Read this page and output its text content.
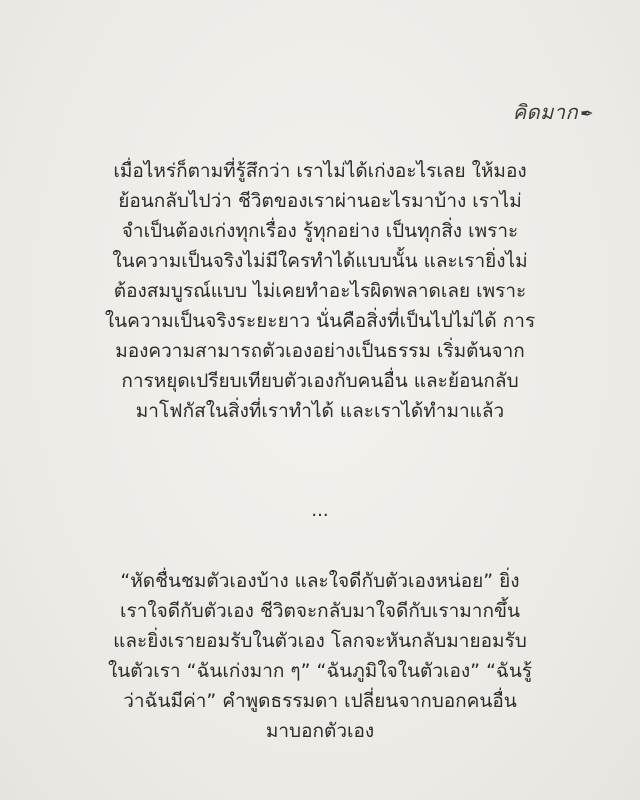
คิดมาก ✒
เมื่อไหร่ก็ตามที่รู้สึกว่า เราไม่ได้เก่งอะไรเลย ให้มอง
ย้อนกลับไปว่า ชีวิตของเราผ่านอะไรมาบ้าง เราไม่
จำเป็นต้องเก่งทุกเรื่อง รู้ทุกอย่าง เป็นทุกสิ่ง เพราะ
ในความเป็นจริงไม่มีใครทำได้แบบนั้น และเรายิ่งไม่
ต้องสมบูรณ์แบบ ไม่เคยทำอะไรผิดพลาดเลย เพราะ
ในความเป็นจริงระยะยาว นั่นคือสิ่งที่เป็นไปไม่ได้ การ
มองความสามารถตัวเองอย่างเป็นธรรม เริ่มต้นจาก
การหยุดเปรียบเทียบตัวเองกับคนอื่น และย้อนกลับ
มาโฟกัสในสิ่งที่เราทำได้ และเราได้ทำมาแล้ว
...
“หัดชื่นชมตัวเองบ้าง และใจดีกับตัวเองหน่อย” ยิ่ง
เราใจดีกับตัวเอง ชีวิตจะกลับมาใจดีกับเรามากขึ้น
และยิ่งเรายอมรับในตัวเอง โลกจะหันกลับมายอมรับ
ในตัวเรา “ฉันเก่งมาก ๆ” “ฉันภูมิใจในตัวเอง” “ฉันรู้
ว่าฉันมีค่า” คำพูดธรรมดา เปลี่ยนจากบอกคนอื่น
มาบอกตัวเอง
